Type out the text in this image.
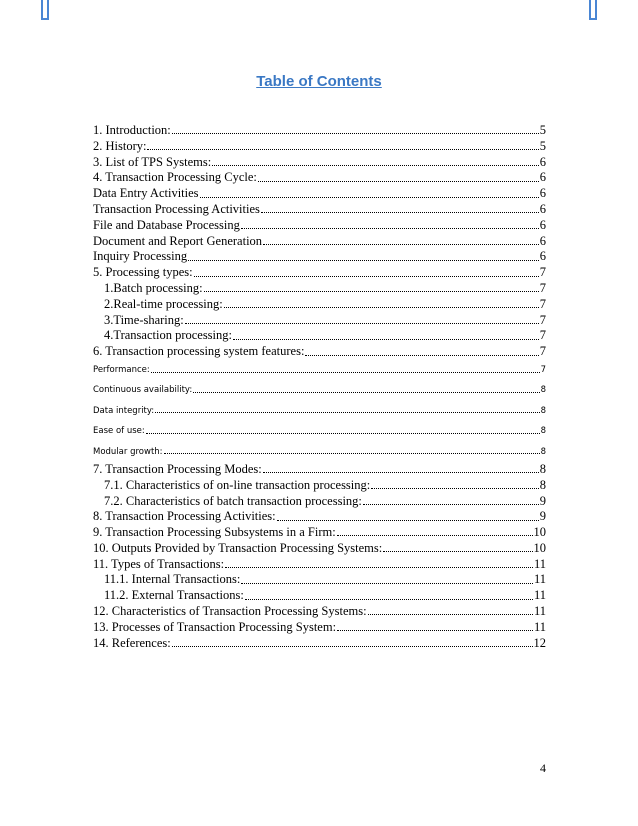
Table of Contents
1. Introduction:	5
2. History:	5
3. List of TPS Systems:	6
4. Transaction Processing Cycle:	6
Data Entry Activities	6
Transaction Processing Activities	6
File and Database Processing	6
Document and Report Generation	6
Inquiry Processing	6
5. Processing types:	7
1.Batch processing:	7
2.Real-time processing:	7
3.Time-sharing:	7
4.Transaction processing:	7
6. Transaction processing system features:	7
Performance:	7
Continuous availability:	8
Data integrity:	8
Ease of use:	8
Modular growth:	8
7. Transaction Processing Modes:	8
7.1. Characteristics of on-line transaction processing:	8
7.2. Characteristics of batch transaction processing:	9
8. Transaction Processing Activities:	9
9. Transaction Processing Subsystems in a Firm:	10
10. Outputs Provided by Transaction Processing Systems:	10
11. Types of Transactions:	11
11.1. Internal Transactions:	11
11.2. External Transactions:	11
12. Characteristics of Transaction Processing Systems:	11
13. Processes of Transaction Processing System:	11
14. References:	12
4
